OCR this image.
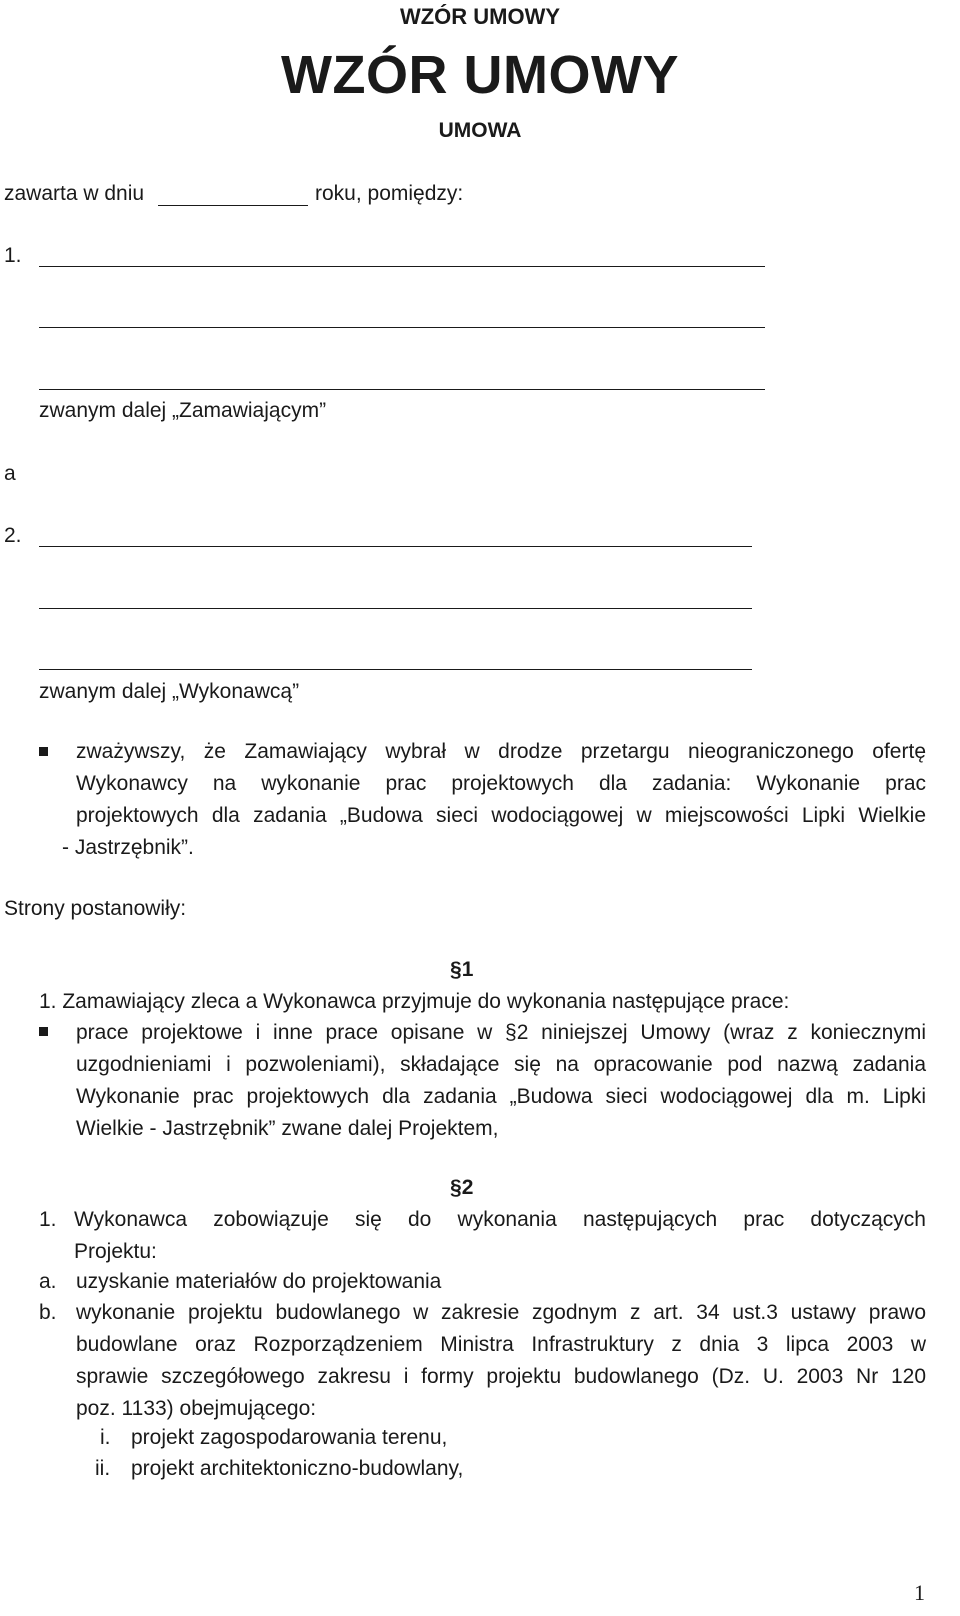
WZÓR UMOWY
WZÓR UMOWY
UMOWA
zawarta w dniu	roku, pomiędzy:
1.
zwanym dalej „Zamawiającym”
a
2.
zwanym dalej „Wykonawcą”
zważywszy, że Zamawiający wybrał w drodze przetargu nieograniczonego ofertę
Wykonawcy na wykonanie prac projektowych dla zadania: Wykonanie prac
projektowych dla zadania „Budowa sieci wodociągowej w miejscowości Lipki Wielkie
- Jastrzębnik”.
Strony postanowiły:
§1
1. Zamawiający zleca a Wykonawca przyjmuje do wykonania następujące prace:
prace projektowe i inne prace opisane w §2 niniejszej Umowy (wraz z koniecznymi
uzgodnieniami i pozwoleniami), składające się na opracowanie pod nazwą zadania
Wykonanie prac projektowych dla zadania „Budowa sieci wodociągowej dla m. Lipki
Wielkie - Jastrzębnik” zwane dalej Projektem,
§2
1. Wykonawca zobowiązuje się do wykonania następujących prac dotyczących
Projektu:
a. uzyskanie materiałów do projektowania
b. wykonanie projektu budowlanego w zakresie zgodnym z art. 34 ust.3 ustawy prawo
budowlane oraz Rozporządzeniem Ministra Infrastruktury z dnia 3 lipca 2003 w
sprawie szczegółowego zakresu i formy projektu budowlanego (Dz. U. 2003 Nr 120
poz. 1133) obejmującego:
i. projekt zagospodarowania terenu,
ii. projekt architektoniczno-budowlany,
1
